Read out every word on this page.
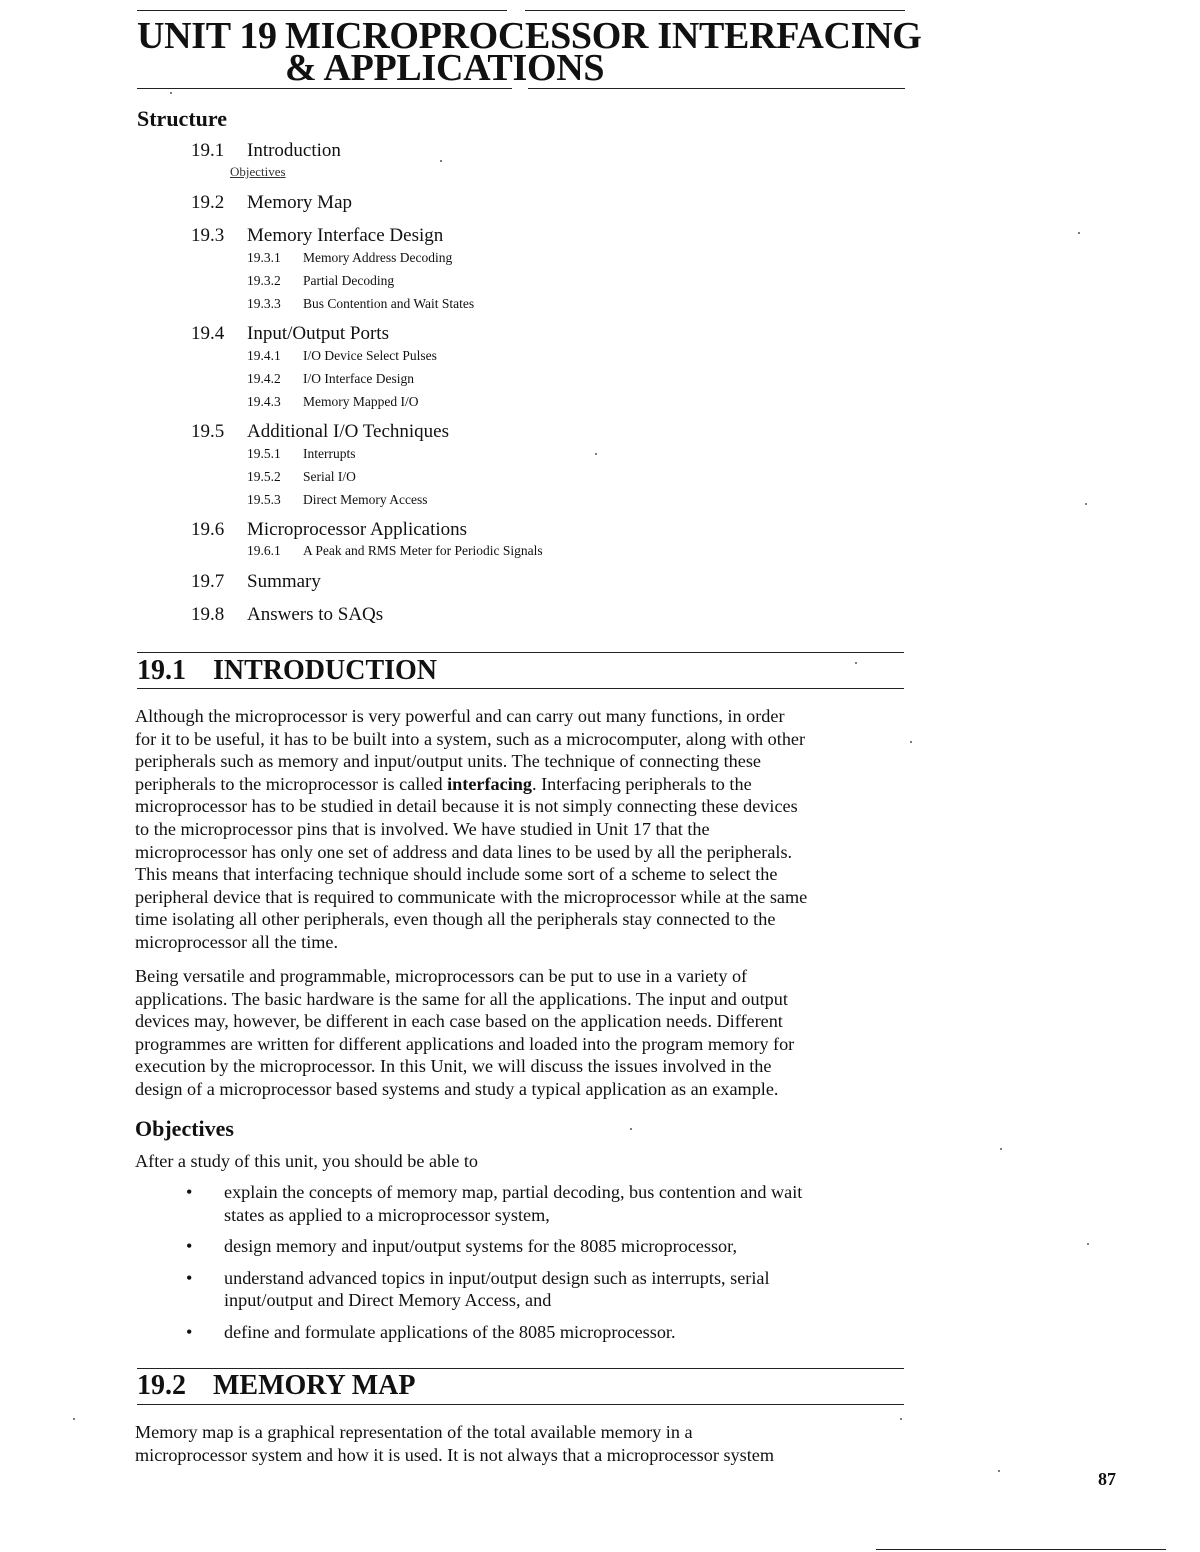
UNIT 19 MICROPROCESSOR INTERFACING
& APPLICATIONS
Structure
19.1 Introduction
Objectives
19.2 Memory Map
19.3 Memory Interface Design
19.3.1 Memory Address Decoding
19.3.2 Partial Decoding
19.3.3 Bus Contention and Wait States
19.4 Input/Output Ports
19.4.1 I/O Device Select Pulses
19.4.2 I/O Interface Design
19.4.3 Memory Mapped I/O
19.5 Additional I/O Techniques
19.5.1 Interrupts
19.5.2 Serial I/O
19.5.3 Direct Memory Access
19.6 Microprocessor Applications
19.6.1 A Peak and RMS Meter for Periodic Signals
19.7 Summary
19.8 Answers to SAQs
19.1 INTRODUCTION
Although the microprocessor is very powerful and can carry out many functions, in order
for it to be useful, it has to be built into a system, such as a microcomputer, along with other
peripherals such as memory and input/output units. The technique of connecting these
peripherals to the microprocessor is called interfacing. Interfacing peripherals to the
microprocessor has to be studied in detail because it is not simply connecting these devices
to the microprocessor pins that is involved. We have studied in Unit 17 that the
microprocessor has only one set of address and data lines to be used by all the peripherals.
This means that interfacing technique should include some sort of a scheme to select the
peripheral device that is required to communicate with the microprocessor while at the same
time isolating all other peripherals, even though all the peripherals stay connected to the
microprocessor all the time.
Being versatile and programmable, microprocessors can be put to use in a variety of
applications. The basic hardware is the same for all the applications. The input and output
devices may, however, be different in each case based on the application needs. Different
programmes are written for different applications and loaded into the program memory for
execution by the microprocessor. In this Unit, we will discuss the issues involved in the
design of a microprocessor based systems and study a typical application as an example.
Objectives
After a study of this unit, you should be able to
• explain the concepts of memory map, partial decoding, bus contention and wait
states as applied to a microprocessor system,
• design memory and input/output systems for the 8085 microprocessor,
• understand advanced topics in input/output design such as interrupts, serial
input/output and Direct Memory Access, and
• define and formulate applications of the 8085 microprocessor.
19.2 MEMORY MAP
Memory map is a graphical representation of the total available memory in a
microprocessor system and how it is used. It is not always that a microprocessor system
87
